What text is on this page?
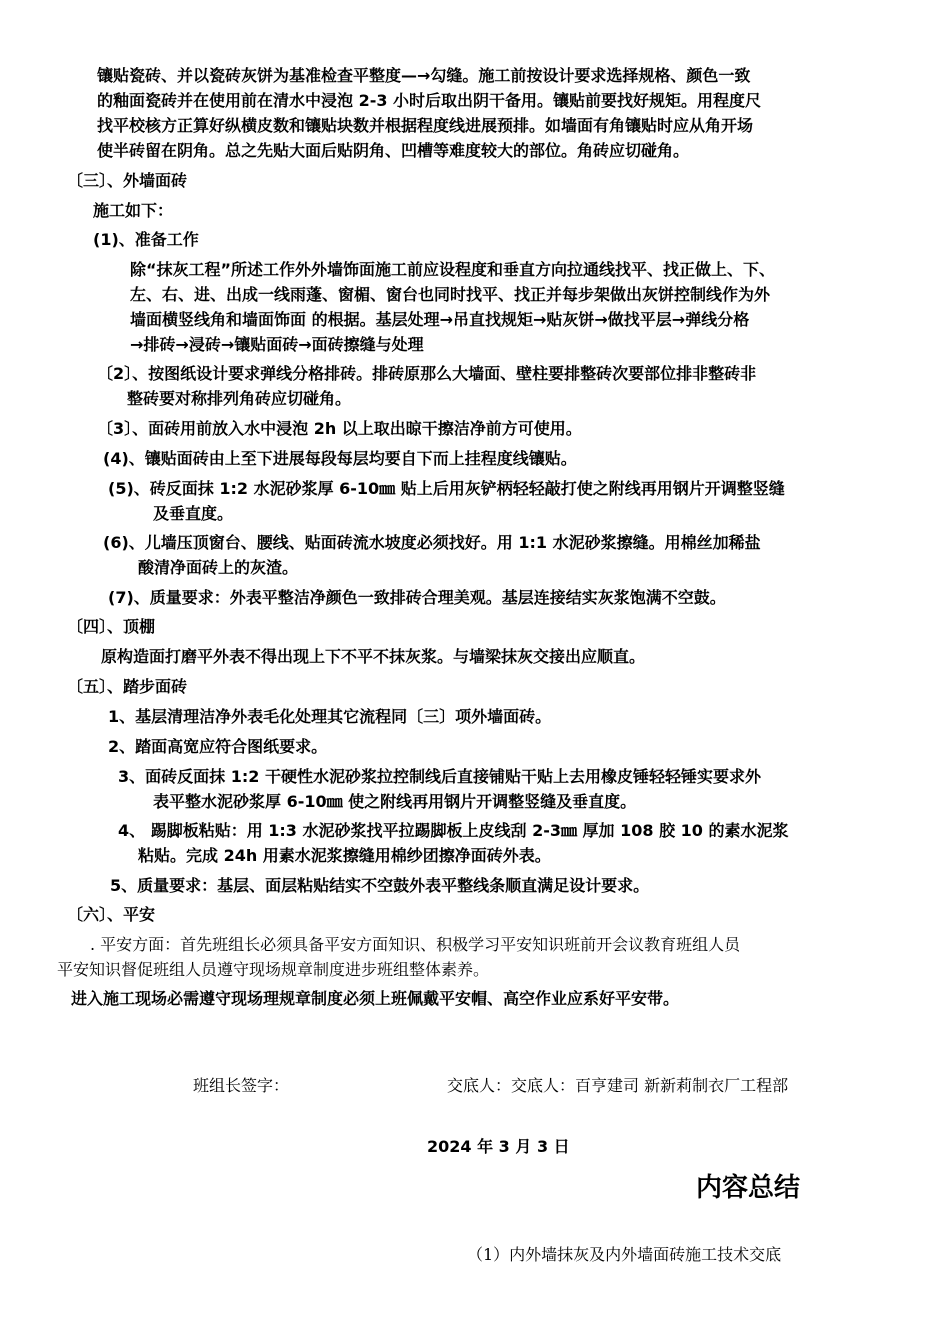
镶贴瓷砖、并以瓷砖灰饼为基准检查平整度—→勾缝。施工前按设计要求选择规格、颜色一致
的釉面瓷砖并在使用前在清水中浸泡 2-3 小时后取出阴干备用。镶贴前要找好规矩。用程度尺
找平校核方正算好纵横皮数和镶贴块数并根据程度线进展预排。如墙面有角镶贴时应从角开场
使半砖留在阴角。总之先贴大面后贴阴角、凹槽等难度较大的部位。角砖应切碰角。
〔三〕、外墙面砖
施工如下：
(1)、准备工作
除“抹灰工程”所述工作外外墙饰面施工前应设程度和垂直方向拉通线找平、找正做上、下、
左、右、进、出成一线雨蓬、窗楣、窗台也同时找平、找正并每步架做出灰饼控制线作为外
墙面横竖线角和墙面饰面 的根据。基层处理→吊直找规矩→贴灰饼→做找平层→弹线分格
→排砖→浸砖→镶贴面砖→面砖擦缝与处理
〔2〕、按图纸设计要求弹线分格排砖。排砖原那么大墙面、壁柱要排整砖次要部位排非整砖非
整砖要对称排列角砖应切碰角。
〔3〕、面砖用前放入水中浸泡 2h 以上取出晾干擦洁净前方可使用。
(4)、镶贴面砖由上至下进展每段每层均要自下而上挂程度线镶贴。
(5)、砖反面抹 1:2 水泥砂浆厚 6-10㎜ 贴上后用灰铲柄轻轻敲打使之附线再用钢片开调整竖缝
及垂直度。
(6)、儿墙压顶窗台、腰线、贴面砖流水坡度必须找好。用 1:1 水泥砂浆擦缝。用棉丝加稀盐
酸清净面砖上的灰渣。
(7)、质量要求：外表平整洁净颜色一致排砖合理美观。基层连接结实灰浆饱满不空鼓。
〔四〕、顶棚
原构造面打磨平外表不得出现上下不平不抹灰浆。与墙梁抹灰交接出应顺直。
〔五〕、踏步面砖
1、基层清理洁净外表毛化处理其它流程同〔三〕项外墙面砖。
2、踏面高宽应符合图纸要求。
3、面砖反面抹 1:2 干硬性水泥砂浆拉控制线后直接铺贴干贴上去用橡皮锤轻轻锤实要求外
表平整水泥砂浆厚 6-10㎜ 使之附线再用钢片开调整竖缝及垂直度。
4、 踢脚板粘贴：用 1:3 水泥砂浆找平拉踢脚板上皮线刮 2-3㎜ 厚加 108 胶 10 的素水泥浆
粘贴。完成 24h 用素水泥浆擦缝用棉纱团擦净面砖外表。
5、质量要求：基层、面层粘贴结实不空鼓外表平整线条顺直满足设计要求。
〔六〕、平安
. 平安方面：首先班组长必须具备平安方面知识、积极学习平安知识班前开会议教育班组人员
平安知识督促班组人员遵守现场规章制度进步班组整体素养。
进入施工现场必需遵守现场理规章制度必须上班佩戴平安帽、高空作业应系好平安带。
班组长签字：	交底人：交底人：百亨建司 新新莉制衣厂工程部
2024 年 3 月 3 日
内容总结
（1）内外墙抹灰及内外墙面砖施工技术交底
